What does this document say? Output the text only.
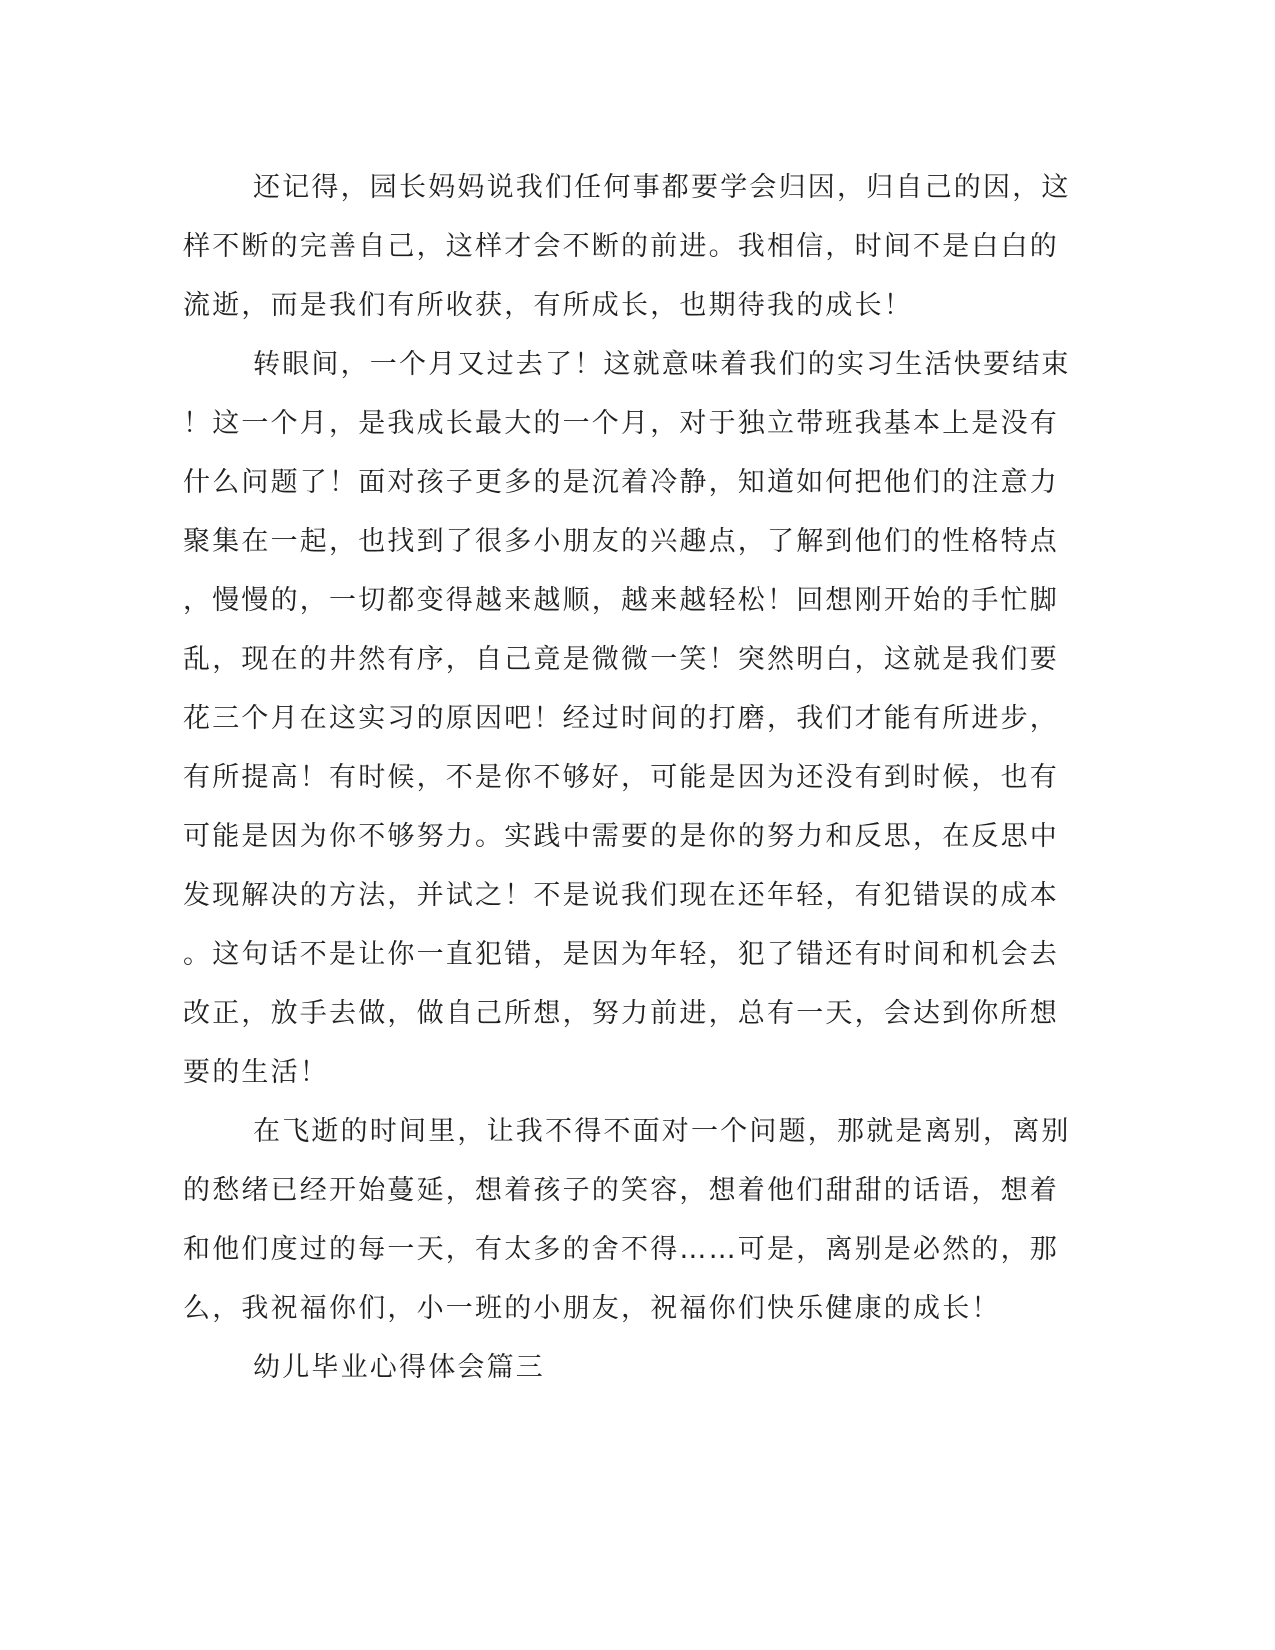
还记得，园长妈妈说我们任何事都要学会归因，归自己的因，这
样不断的完善自己，这样才会不断的前进。我相信，时间不是白白的
流逝，而是我们有所收获，有所成长，也期待我的成长！
转眼间，一个月又过去了！这就意味着我们的实习生活快要结束
！这一个月，是我成长最大的一个月，对于独立带班我基本上是没有
什么问题了！面对孩子更多的是沉着冷静，知道如何把他们的注意力
聚集在一起，也找到了很多小朋友的兴趣点，了解到他们的性格特点
，慢慢的，一切都变得越来越顺，越来越轻松！回想刚开始的手忙脚
乱，现在的井然有序，自己竟是微微一笑！突然明白，这就是我们要
花三个月在这实习的原因吧！经过时间的打磨，我们才能有所进步，
有所提高！有时候，不是你不够好，可能是因为还没有到时候，也有
可能是因为你不够努力。实践中需要的是你的努力和反思，在反思中
发现解决的方法，并试之！不是说我们现在还年轻，有犯错误的成本
。这句话不是让你一直犯错，是因为年轻，犯了错还有时间和机会去
改正，放手去做，做自己所想，努力前进，总有一天，会达到你所想
要的生活！
在飞逝的时间里，让我不得不面对一个问题，那就是离别，离别
的愁绪已经开始蔓延，想着孩子的笑容，想着他们甜甜的话语，想着
和他们度过的每一天，有太多的舍不得……可是，离别是必然的，那
么，我祝福你们，小一班的小朋友，祝福你们快乐健康的成长！
幼儿毕业心得体会篇三
